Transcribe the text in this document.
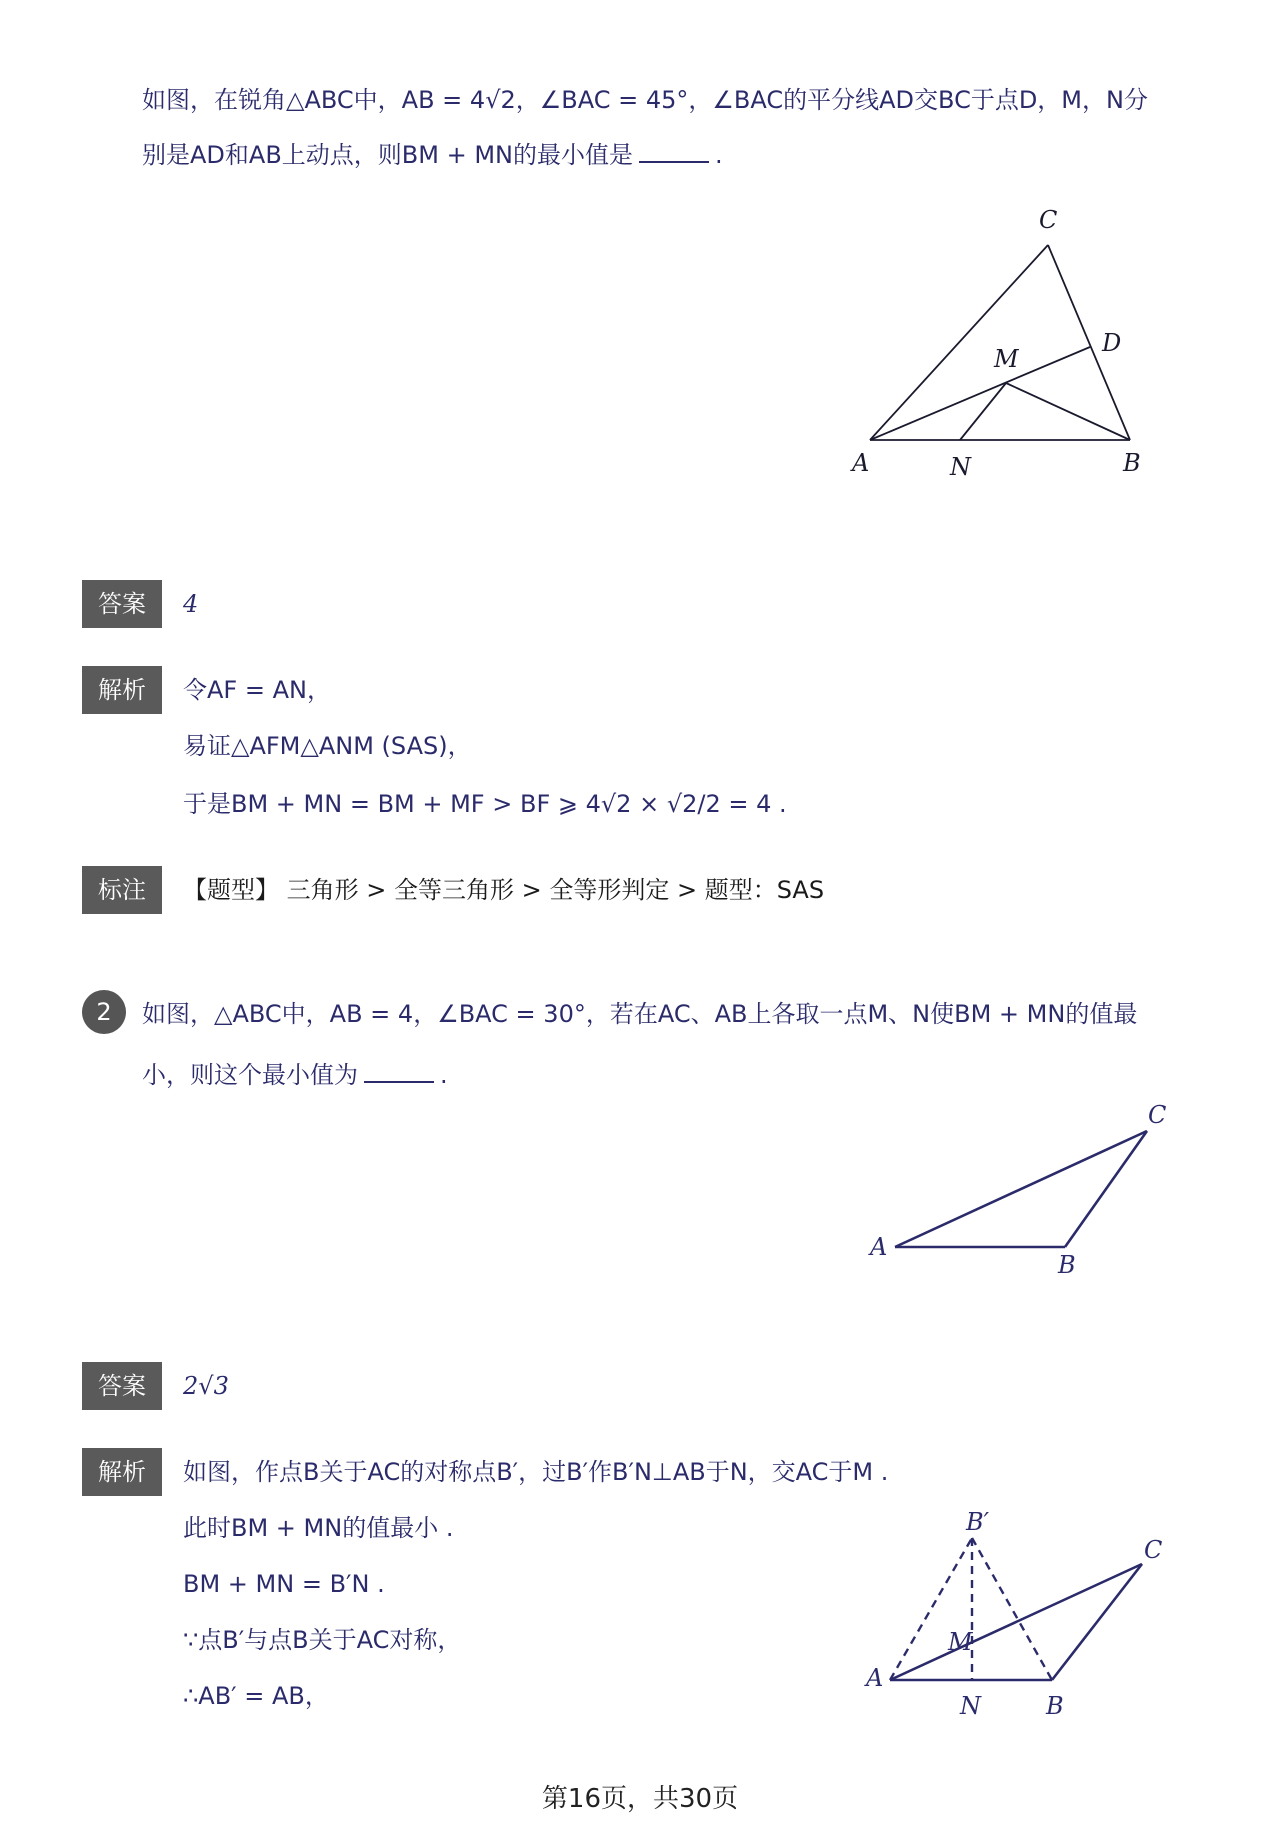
如图，在锐角△ABC中，AB = 4√2，∠BAC = 45°，∠BAC的平分线AD交BC于点D，M，N分
别是AD和AB上动点，则BM + MN的最小值是	.
C
D
M
A	N	B
答案	4
解析	令AF = AN，
易证△AFM△ANM (SAS)，
于是BM + MN = BM + MF > BF ⩾ 4√2 × √2/2 = 4 .
标注	【题型】 三角形 > 全等三角形 > 全等形判定 > 题型：SAS
2	如图，△ABC中，AB = 4，∠BAC = 30°，若在AC、AB上各取一点M、N使BM + MN的值最
小，则这个最小值为	.
C
A
B
答案	2√3
解析	如图，作点B关于AC的对称点B′，过B′作B′N⊥AB于N，交AC于M .
此时BM + MN的值最小 .
BM + MN = B′N .
∵点B′与点B关于AC对称，
∴AB′ = AB，
B′
C
M
A
N	B
第16页，共30页
